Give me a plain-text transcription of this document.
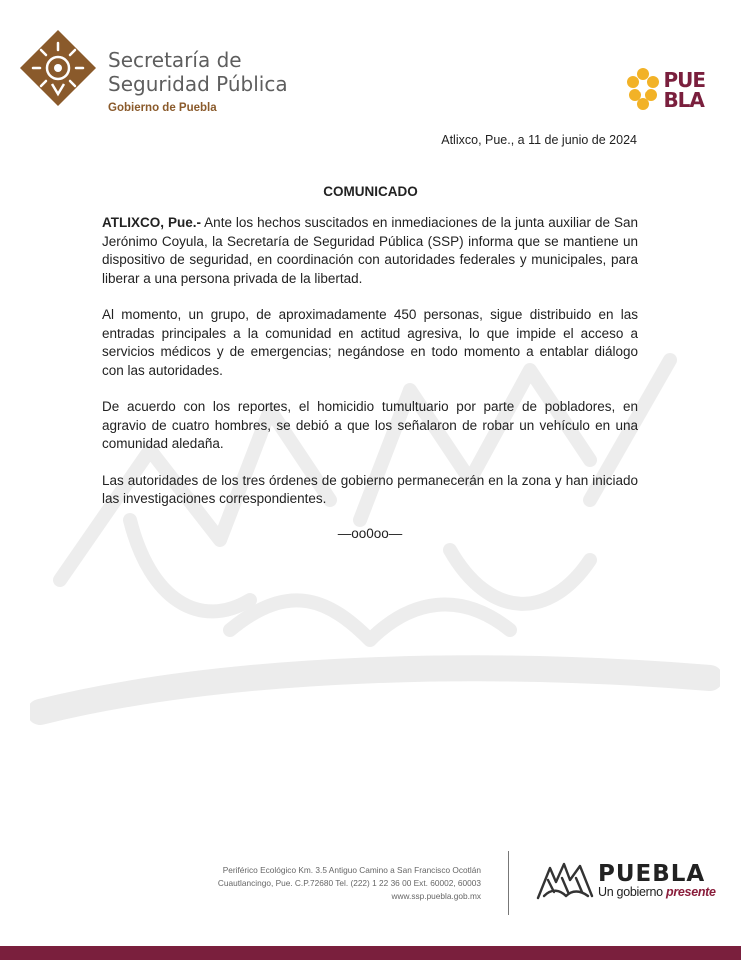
Secretaría de
Seguridad Pública
Gobierno de Puebla
PUE
BLA
Atlixco, Pue., a 11 de junio de 2024
COMUNICADO

ATLIXCO, Pue.- Ante los hechos suscitados en inmediaciones de la junta auxiliar de San Jerónimo Coyula, la Secretaría de Seguridad Pública (SSP) informa que se mantiene un dispositivo de seguridad, en coordinación con autoridades federales y municipales, para liberar a una persona privada de la libertad.

Al momento, un grupo, de aproximadamente 450 personas, sigue distribuido en las entradas principales a la comunidad en actitud agresiva, lo que impide el acceso a servicios médicos y de emergencias; negándose en todo momento a entablar diálogo con las autoridades.

De acuerdo con los reportes, el homicidio tumultuario por parte de pobladores, en agravio de cuatro hombres, se debió a que los señalaron de robar un vehículo en una comunidad aledaña.

Las autoridades de los tres órdenes de gobierno permanecerán en la zona y han iniciado las investigaciones correspondientes.

—oo0oo—

Periférico Ecológico Km. 3.5 Antiguo Camino a San Francisco Ocotlán
Cuautlancingo, Pue. C.P.72680 Tel. (222) 1 22 36 00 Ext. 60002, 60003
www.ssp.puebla.gob.mx
PUEBLA
Un gobierno presente
